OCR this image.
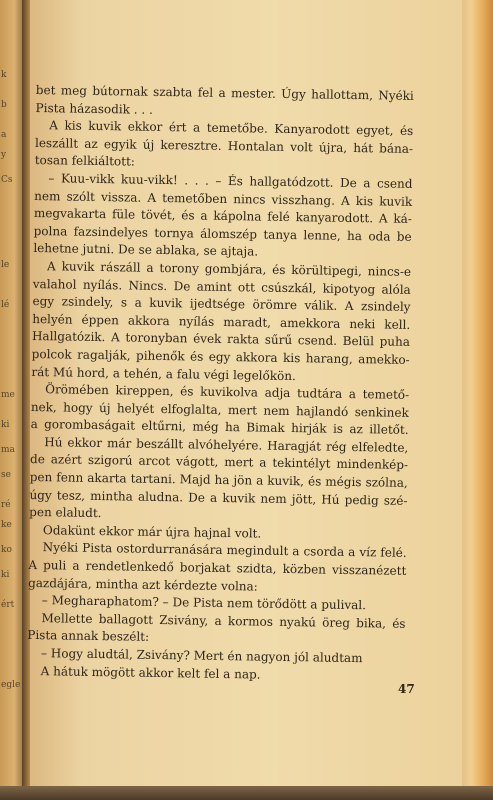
k
b
a
y
Cs
le
lé
me
ki
ma
se
ré
ke
ko
ki
ért
egle
bet meg bútornak szabta fel a mester. Úgy hallottam, Nyéki
Pista házasodik . . .
A kis kuvik ekkor ért a temetőbe. Kanyarodott egyet, és
leszállt az egyik új keresztre. Hontalan volt újra, hát bána-
tosan felkiáltott:
– Kuu-vikk kuu-vikk! . . . – És hallgatódzott. De a csend
nem szólt vissza. A temetőben nincs visszhang. A kis kuvik
megvakarta füle tövét, és a kápolna felé kanyarodott. A ká-
polna fazsindelyes tornya álomszép tanya lenne, ha oda be
lehetne jutni. De se ablaka, se ajtaja.
A kuvik rászáll a torony gombjára, és körültipegi, nincs-e
valahol nyílás. Nincs. De amint ott csúszkál, kipotyog alóla
egy zsindely, s a kuvik ijedtsége örömre válik. A zsindely
helyén éppen akkora nyílás maradt, amekkora neki kell.
Hallgatózik. A toronyban évek rakta sűrű csend. Belül puha
polcok ragalják, pihenők és egy akkora kis harang, amekko-
rát Mú hord, a tehén, a falu végi legelőkön.
Örömében kireppen, és kuvikolva adja tudtára a temető-
nek, hogy új helyét elfoglalta, mert nem hajlandó senkinek
a gorombaságait eltűrni, még ha Bimak hirják is az illetőt.
Hú ekkor már beszállt alvóhelyére. Haragját rég elfeledte,
de azért szigorú arcot vágott, mert a tekintélyt mindenkép-
pen fenn akarta tartani. Majd ha jön a kuvik, és mégis szólna,
úgy tesz, mintha aludna. De a kuvik nem jött, Hú pedig szé-
pen elaludt.
Odakünt ekkor már újra hajnal volt.
Nyéki Pista ostordurranására megindult a csorda a víz felé.
A puli a rendetlenkedő borjakat szidta, közben visszanézett
gazdájára, mintha azt kérdezte volna:
– Megharaphatom? – De Pista nem törődött a pulival.
Mellette ballagott Zsivány, a kormos nyakú öreg bika, és
Pista annak beszélt:
– Hogy aludtál, Zsivány? Mert én nagyon jól aludtam
A hátuk mögött akkor kelt fel a nap.
47
